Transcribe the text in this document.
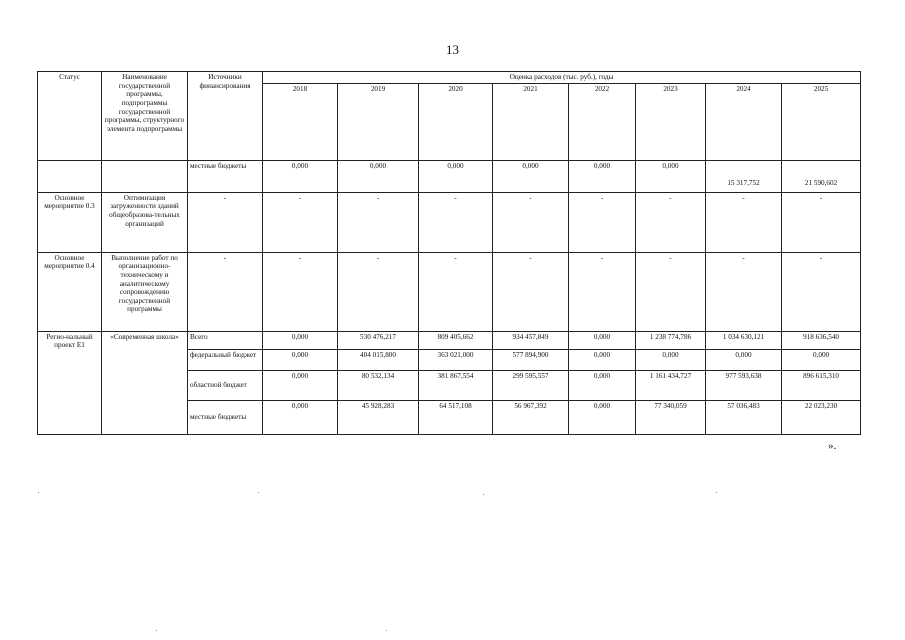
13
Статус	Наименование государственной программы, подпрограммы государственной программы, структурного элемента подпрограммы	Источники финансирования	Оценка расходов (тыс. руб.), годы							
			2018	2019	2020	2021	2022	2023	2024	2025
		местные бюджеты	0,000	0,000	0,000	0,000	0,000	0,000	15 317,752	21 590,602
Основное мероприятие 0.3	Оптимизация загруженности зданий общеобразова-тельных организаций	-	-	-	-	-	-	-	-	-
Основное мероприятие 0.4	Выполнение работ по организационно-техническому и аналитическому сопровождению государственной программы	-	-	-	-	-	-	-	-	-
Регио-нальный проект Е1	«Современная школа»	Всего	0,000	530 476,217	809 405,662	934 457,849	0,000	1 238 774,786	1 034 630,121	918 636,540
		федеральный бюджет	0,000	404 015,800	363 021,000	577 894,900	0,000	0,000	0,000	0,000
		областной бюджет	0,000	80 532,134	381 867,554	299 595,557	0,000	1 161 434,727	977 593,638	896 615,310
		местные бюджеты	0,000	45 928,283	64 517,108	56 967,392	0,000	77 340,059	57 036,483	22 023,230
».
